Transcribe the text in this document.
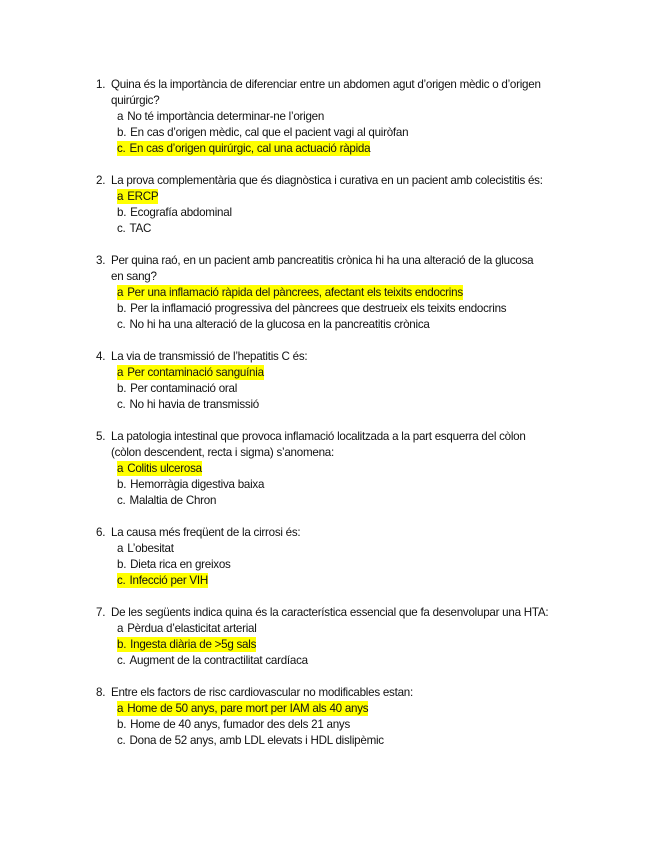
1. Quina és la importància de diferenciar entre un abdomen agut d’origen mèdic o d’origen
quirúrgic?
a No té importància determinar-ne l’origen
b. En cas d’origen mèdic, cal que el pacient vagi al quiròfan
c. En cas d’origen quirúrgic, cal una actuació ràpida
2. La prova complementària que és diagnòstica i curativa en un pacient amb colecistitis és:
a ERCP
b. Ecografía abdominal
c. TAC
3. Per quina raó, en un pacient amb pancreatitis crònica hi ha una alteració de la glucosa
en sang?
a Per una inflamació ràpida del pàncrees, afectant els teixits endocrins
b. Per la inflamació progressiva del pàncrees que destrueix els teixits endocrins
c. No hi ha una alteració de la glucosa en la pancreatitis crònica
4. La via de transmissió de l’hepatitis C és:
a Per contaminació sanguínia
b. Per contaminació oral
c. No hi havia de transmissió
5. La patologia intestinal que provoca inflamació localitzada a la part esquerra del còlon
(còlon descendent, recta i sigma) s’anomena:
a Colitis ulcerosa
b. Hemorràgia digestiva baixa
c. Malaltia de Chron
6. La causa més freqüent de la cirrosi és:
a L’obesitat
b. Dieta rica en greixos
c. Infecció per VIH
7. De les següents indica quina és la característica essencial que fa desenvolupar una HTA:
a Pèrdua d’elasticitat arterial
b. Ingesta diària de >5g sals
c. Augment de la contractilitat cardíaca
8. Entre els factors de risc cardiovascular no modificables estan:
a Home de 50 anys, pare mort per IAM als 40 anys
b. Home de 40 anys, fumador des dels 21 anys
c. Dona de 52 anys, amb LDL elevats i HDL dislipèmic
